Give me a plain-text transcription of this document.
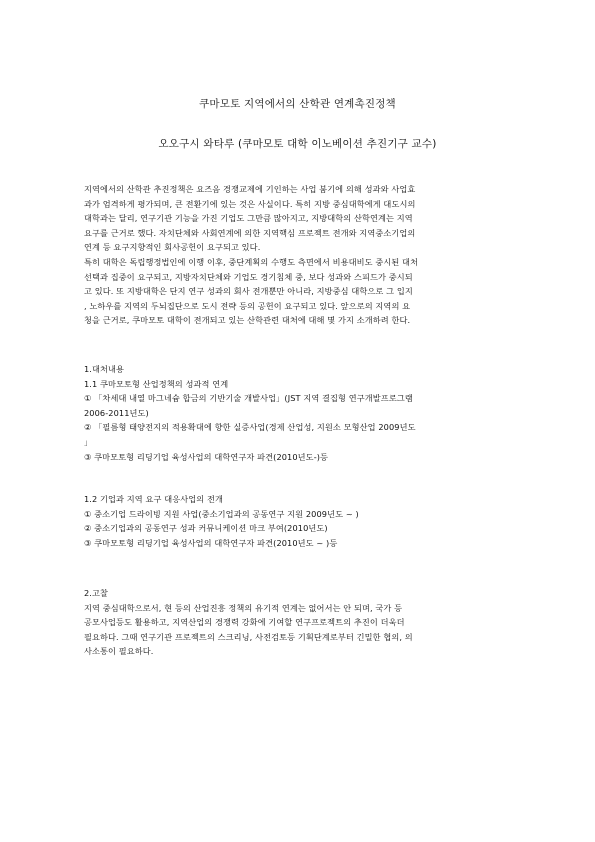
쿠마모토 지역에서의 산학관 연계촉진정책
오오구시 와타루 (쿠마모토 대학 이노베이션 추진기구 교수)
지역에서의 산학관 추진정책은 요즈음 경쟁교제에 기인하는 사업 붐기에 의해 성과와 사업효
과가 엄격하게 평가되며, 큰 전환기에 있는 것은 사실이다. 특히 지방 중심대학에게 대도시의
대학과는 달리, 연구기관 기능을 가진 기업도 그만큼 많아지고, 지방대학의 산학연계는 지역
요구를 근거로 했다. 자치단체와 사회연계에 의한 지역핵심 프로젝트 전개와 지역중소기업의
연계 등 요구지향적인 회사공헌이 요구되고 있다.
특히 대학은 독립행정법인에 이행 이후, 중단계획의 수행도 측면에서 비용대비도 중시된 대처
선택과 집중이 요구되고, 지방자치단체와 기업도 경기침체 중, 보다 성과와 스피드가 중시되
고 있다. 또 지방대학은 단지 연구 성과의 회사 전개뿐만 아니라, 지방중심 대학으로 그 입지
, 노하우를 지역의 두뇌집단으로 도시 전략 등의 공헌이 요구되고 있다. 앞으로의 지역의 요
청을 근거로, 쿠마모토 대학이 전개되고 있는 산학관련 대처에 대해 몇 가지 소개하려 한다.
1.대처내용
1.1 쿠마모토형 산업정책의 성과적 연계
① 「차세대 내열 마그네슘 합금의 기반기술 개발사업」(JST 지역 결집형 연구개발프로그램
2006-2011년도)
② 「필름형 태양전지의 적용확대에 향한 실증사업(경제 산업성, 지원소 모형산업 2009년도
」
③ 쿠마모토형 리딩기업 육성사업의 대학연구자 파견(2010년도-)등
1.2 기업과 지역 요구 대응사업의 전개
① 중소기업 드라이빙 지원 사업(중소기업과의 공동연구 지원 2009년도 ~ )
② 중소기업과의 공동연구 성과 커뮤니케이션 마크 부여(2010년도)
③ 쿠마모토형 리딩기업 육성사업의 대학연구자 파견(2010년도 ~ )등
2.고찰
지역 중심대학으로서, 현 등의 산업진흥 정책의 유기적 연계는 없어서는 안 되며, 국가 등
공모사업등도 활용하고, 지역산업의 경쟁력 강화에 기여할 연구프로젝트의 추진이 더욱더
필요하다. 그때 연구기관 프로젝트의 스크리닝, 사전검토등 기획단계로부터 긴밀한 협의, 의
사소통이 필요하다.
